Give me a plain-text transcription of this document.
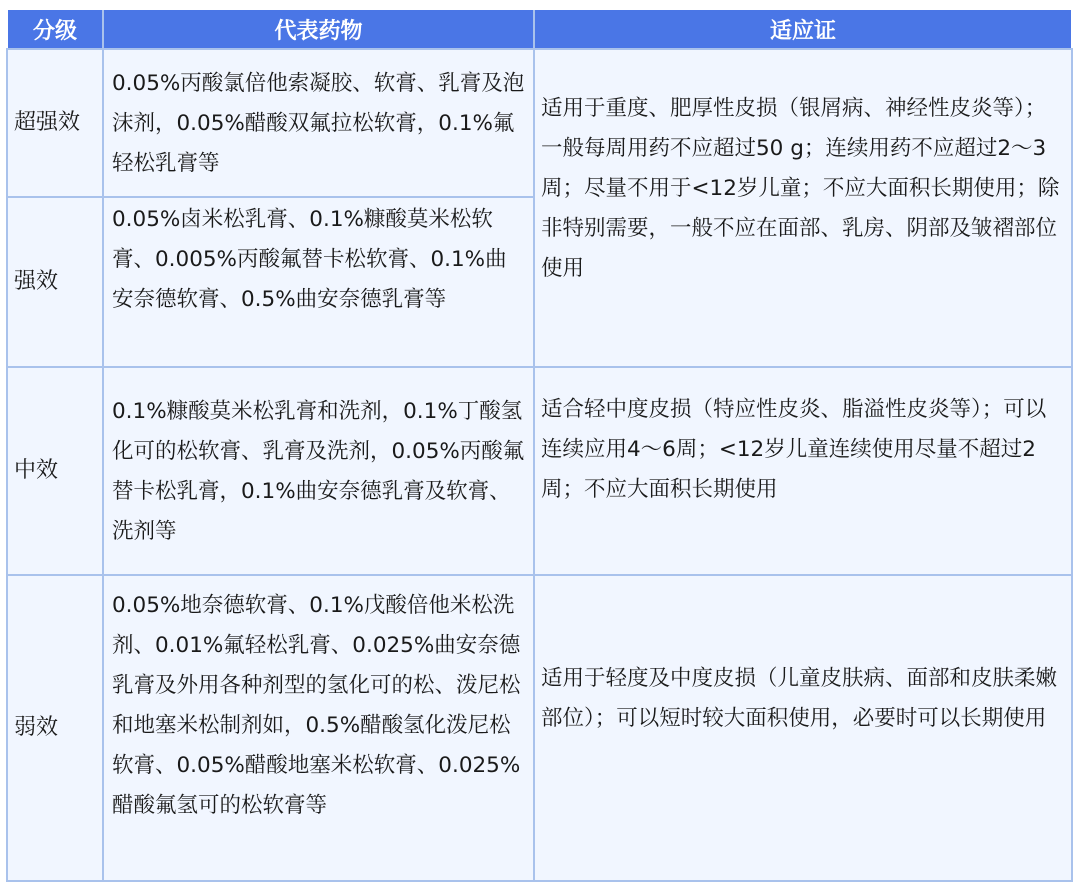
分级	代表药物	适应证
超强效
0.05%丙酸氯倍他索凝胶、软膏、乳膏及泡沫剂，0.05%醋酸双氟拉松软膏，0.1%氟轻松乳膏等
适用于重度、肥厚性皮损（银屑病、神经性皮炎等）；一般每周用药不应超过50 g；连续用药不应超过2～3周；尽量不用于<12岁儿童；不应大面积长期使用；除非特别需要，一般不应在面部、乳房、阴部及皱褶部位使用
强效
0.05%卤米松乳膏、0.1%糠酸莫米松软膏、0.005%丙酸氟替卡松软膏、0.1%曲安奈德软膏、0.5%曲安奈德乳膏等
中效
0.1%糠酸莫米松乳膏和洗剂，0.1%丁酸氢化可的松软膏、乳膏及洗剂，0.05%丙酸氟替卡松乳膏，0.1%曲安奈德乳膏及软膏、洗剂等
适合轻中度皮损（特应性皮炎、脂溢性皮炎等）；可以连续应用4～6周；<12岁儿童连续使用尽量不超过2周；不应大面积长期使用
弱效
0.05%地奈德软膏、0.1%戊酸倍他米松洗剂、0.01%氟轻松乳膏、0.025%曲安奈德乳膏及外用各种剂型的氢化可的松、泼尼松和地塞米松制剂如，0.5%醋酸氢化泼尼松软膏、0.05%醋酸地塞米松软膏、0.025%醋酸氟氢可的松软膏等
适用于轻度及中度皮损（儿童皮肤病、面部和皮肤柔嫩部位）；可以短时较大面积使用，必要时可以长期使用
